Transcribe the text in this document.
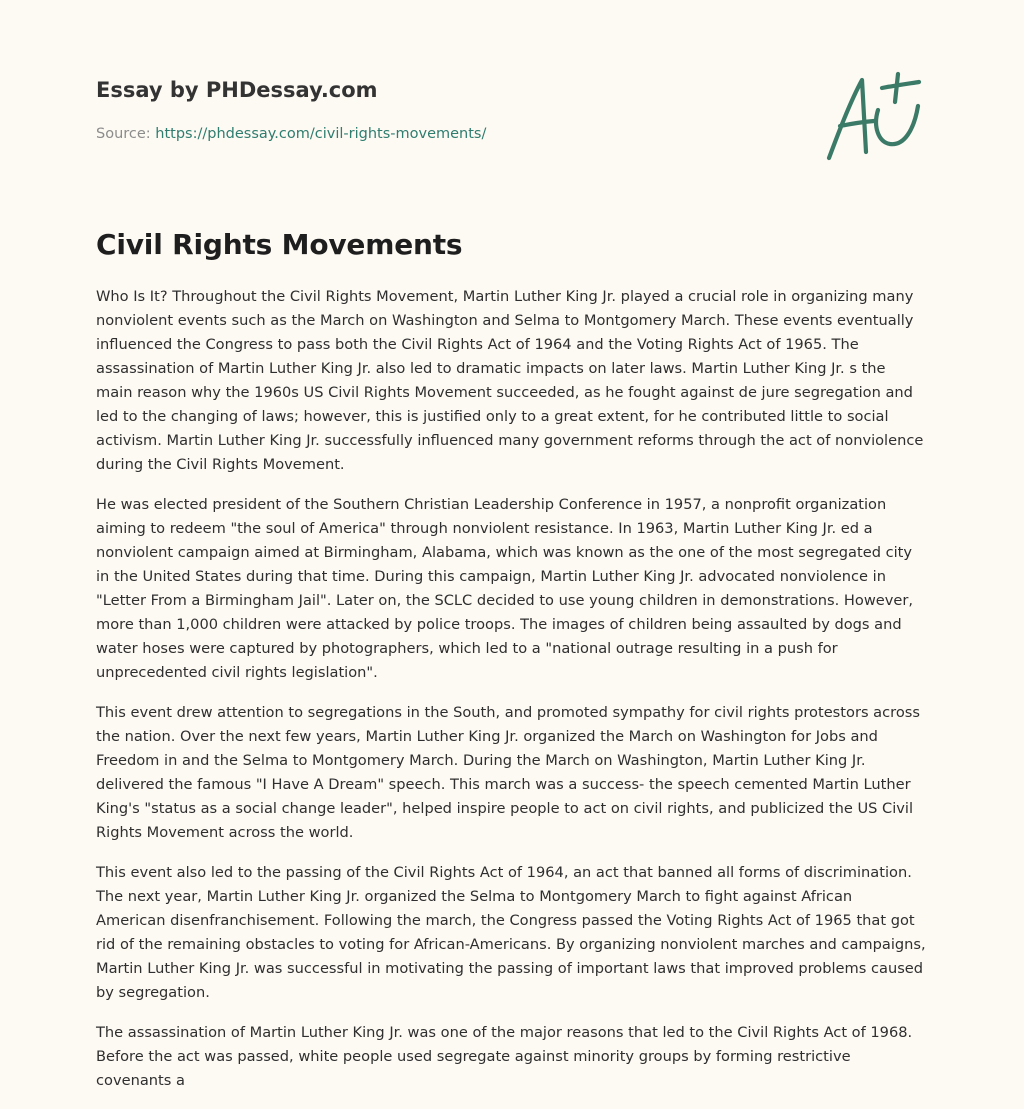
Essay by PHDessay.com
Source: https://phdessay.com/civil-rights-movements/
Civil Rights Movements

Who Is It? Throughout the Civil Rights Movement, Martin Luther King Jr. played a crucial role in organizing many nonviolent events such as the March on Washington and Selma to Montgomery March. These events eventually influenced the Congress to pass both the Civil Rights Act of 1964 and the Voting Rights Act of 1965. The assassination of Martin Luther King Jr. also led to dramatic impacts on later laws. Martin Luther King Jr. s the main reason why the 1960s US Civil Rights Movement succeeded, as he fought against de jure segregation and led to the changing of laws; however, this is justified only to a great extent, for he contributed little to social activism. Martin Luther King Jr. successfully influenced many government reforms through the act of nonviolence during the Civil Rights Movement.

He was elected president of the Southern Christian Leadership Conference in 1957, a nonprofit organization aiming to redeem "the soul of America" through nonviolent resistance. In 1963, Martin Luther King Jr. ed a nonviolent campaign aimed at Birmingham, Alabama, which was known as the one of the most segregated city in the United States during that time. During this campaign, Martin Luther King Jr. advocated nonviolence in "Letter From a Birmingham Jail". Later on, the SCLC decided to use young children in demonstrations. However, more than 1,000 children were attacked by police troops. The images of children being assaulted by dogs and water hoses were captured by photographers, which led to a "national outrage resulting in a push for unprecedented civil rights legislation".

This event drew attention to segregations in the South, and promoted sympathy for civil rights protestors across the nation. Over the next few years, Martin Luther King Jr. organized the March on Washington for Jobs and Freedom in and the Selma to Montgomery March. During the March on Washington, Martin Luther King Jr. delivered the famous "I Have A Dream" speech. This march was a success- the speech cemented Martin Luther King's "status as a social change leader", helped inspire people to act on civil rights, and publicized the US Civil Rights Movement across the world.

This event also led to the passing of the Civil Rights Act of 1964, an act that banned all forms of discrimination. The next year, Martin Luther King Jr. organized the Selma to Montgomery March to fight against African American disenfranchisement. Following the march, the Congress passed the Voting Rights Act of 1965 that got rid of the remaining obstacles to voting for African-Americans. By organizing nonviolent marches and campaigns, Martin Luther King Jr. was successful in motivating the passing of important laws that improved problems caused by segregation.

The assassination of Martin Luther King Jr. was one of the major reasons that led to the Civil Rights Act of 1968. Before the act was passed, white people used segregate against minority groups by forming restrictive covenants a
